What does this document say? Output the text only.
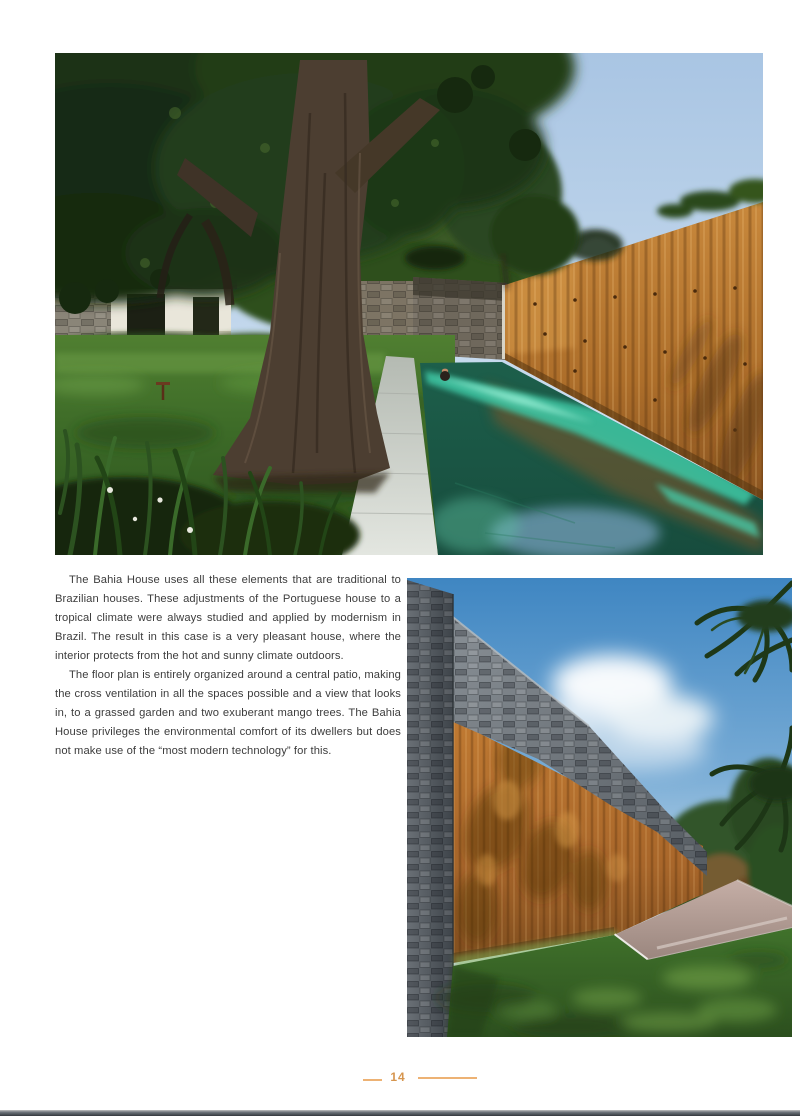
The Bahia House uses all these elements that are traditional to Brazilian houses. These adjustments of the Portuguese house to a tropical climate were always studied and applied by modernism in Brazil. The result in this case is a very pleasant house, where the interior protects from the hot and sunny climate outdoors.

The floor plan is entirely organized around a central patio, making the cross ventilation in all the spaces possible and a view that looks in, to a grassed garden and two exuberant mango trees. The Bahia House privileges the environmental comfort of its dwellers but does not make use of the “most modern technology” for this.

14
